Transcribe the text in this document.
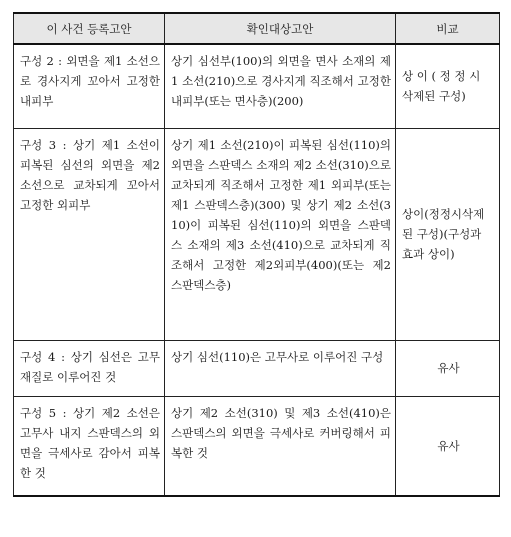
이 사건 등록고안	확인대상고안	비교
구성 2 : 외면을 제1 소선으로 경사지게 꼬아서 고정한 내피부	상기 심선부(100)의 외면을 면사 소재의 제1 소선(210)으로 경사지게 직조해서 고정한 내피부(또는 면사층)(200)	상 이 ( 정 정 시 삭제된 구성)
구성 3 : 상기 제1 소선이 피복된 심선의 외면을 제2 소선으로 교차되게 꼬아서 고정한 외피부	상기 제1 소선(210)이 피복된 심선(110)의 외면을 스판덱스 소재의 제2 소선(310)으로 교차되게 직조해서 고정한 제1 외피부(또는 제1 스판덱스층)(300) 및 상기 제2 소선(310)이 피복된 심선(110)의 외면을 스판덱스 소재의 제3 소선(410)으로 교차되게 직조해서 고정한 제2외피부(400)(또는 제2 스판덱스층)	상이(정정시삭제된 구성)(구성과 효과 상이)
구성 4 : 상기 심선은 고무 재질로 이루어진 것	상기 심선(110)은 고무사로 이루어진 구성	유사
구성 5 : 상기 제2 소선은 고무사 내지 스판덱스의 외면을 극세사로 감아서 피복한 것	상기 제2 소선(310) 및 제3 소선(410)은 스판덱스의 외면을 극세사로 커버링해서 피복한 것	유사
